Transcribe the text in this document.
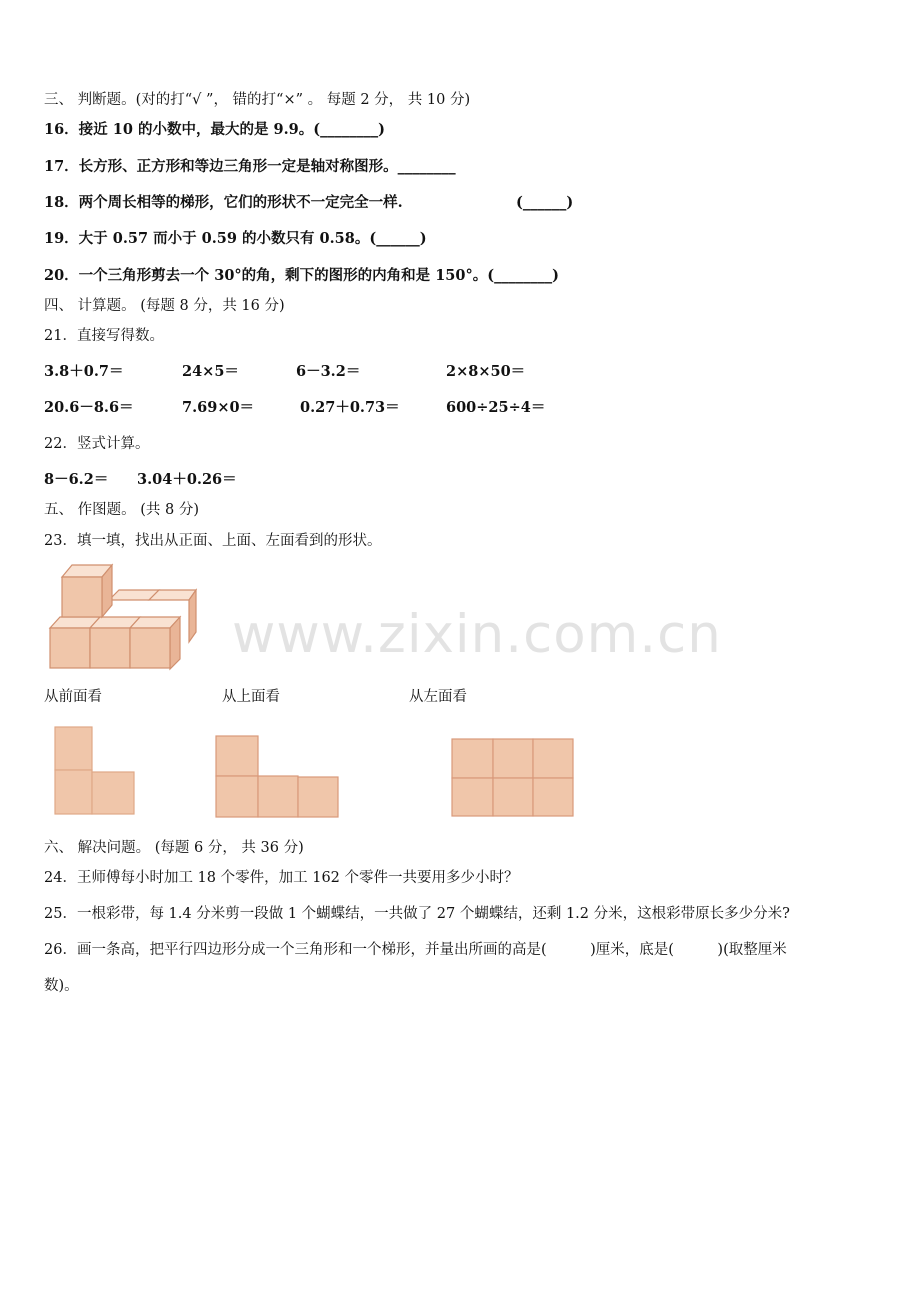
三、 判断题。(对的打“√ ”， 错的打“×” 。 每题 2 分， 共 10 分)
16．接近 10 的小数中，最大的是 9.9。(________)
17．长方形、正方形和等边三角形一定是轴对称图形。________
18．两个周长相等的梯形，它们的形状不一定完全一样.	(______)
19．大于 0.57 而小于 0.59 的小数只有 0.58。(______)
20．一个三角形剪去一个 30°的角，剩下的图形的内角和是 150°。(________)
四、 计算题。 (每题 8 分，共 16 分)
21．直接写得数。
3.8＋0.7＝	24×5＝	6－3.2＝	2×8×50＝
20.6－8.6＝	7.69×0＝	0.27＋0.73＝	600÷25÷4＝
22．竖式计算。
8－6.2＝ 3.04＋0.26＝
五、 作图题。 (共 8 分)
23．填一填，找出从正面、上面、左面看到的形状。
www.zixin.com.cn
从前面看	从上面看	从左面看
六、 解决问题。 (每题 6 分， 共 36 分)
24．王师傅每小时加工 18 个零件，加工 162 个零件一共要用多少小时？
25．一根彩带，每 1.4 分米剪一段做 1 个蝴蝶结，一共做了 27 个蝴蝶结，还剩 1.2 分米，这根彩带原长多少分米?
26．画一条高，把平行四边形分成一个三角形和一个梯形，并量出所画的高是(　　　)厘米，底是(　　　)(取整厘米
数)。
